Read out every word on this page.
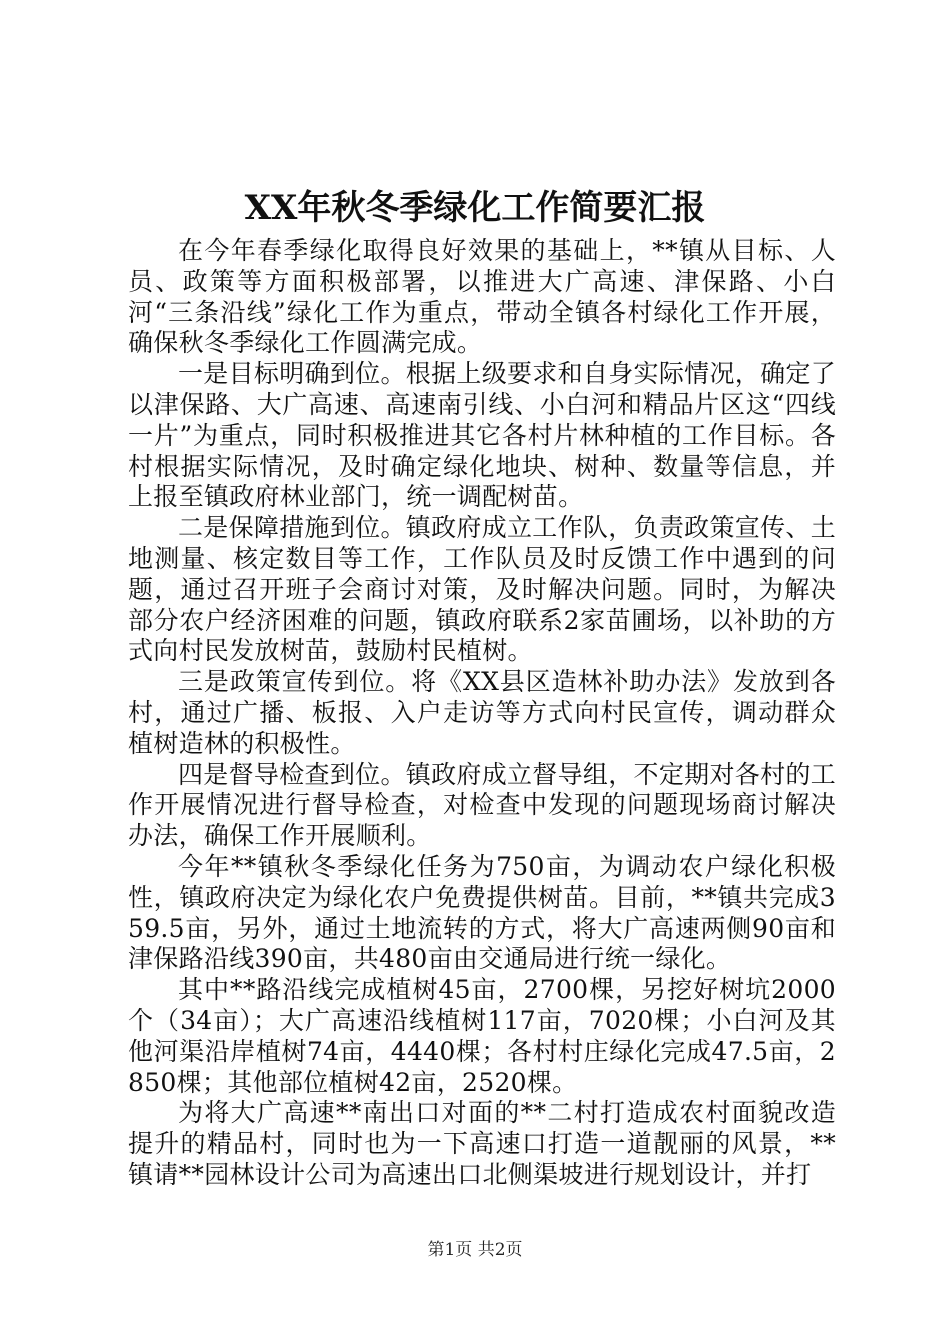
XX年秋冬季绿化工作简要汇报

在今年春季绿化取得良好效果的基础上，**镇从目标、人员、政策等方面积极部署，以推进大广高速、津保路、小白河“三条沿线”绿化工作为重点，带动全镇各村绿化工作开展，确保秋冬季绿化工作圆满完成。

一是目标明确到位。根据上级要求和自身实际情况，确定了以津保路、大广高速、高速南引线、小白河和精品片区这“四线一片”为重点，同时积极推进其它各村片林种植的工作目标。各村根据实际情况，及时确定绿化地块、树种、数量等信息，并上报至镇政府林业部门，统一调配树苗。

二是保障措施到位。镇政府成立工作队，负责政策宣传、土地测量、核定数目等工作，工作队员及时反馈工作中遇到的问题，通过召开班子会商讨对策，及时解决问题。同时，为解决部分农户经济困难的问题，镇政府联系2家苗圃场，以补助的方式向村民发放树苗，鼓励村民植树。

三是政策宣传到位。将《XX县区造林补助办法》发放到各村，通过广播、板报、入户走访等方式向村民宣传，调动群众植树造林的积极性。

四是督导检查到位。镇政府成立督导组，不定期对各村的工作开展情况进行督导检查，对检查中发现的问题现场商讨解决办法，确保工作开展顺利。

今年**镇秋冬季绿化任务为750亩，为调动农户绿化积极性，镇政府决定为绿化农户免费提供树苗。目前，**镇共完成359.5亩，另外，通过土地流转的方式，将大广高速两侧90亩和津保路沿线390亩，共480亩由交通局进行统一绿化。

其中**路沿线完成植树45亩，2700棵，另挖好树坑2000个（34亩）；大广高速沿线植树117亩，7020棵；小白河及其他河渠沿岸植树74亩，4440棵；各村村庄绿化完成47.5亩，2850棵；其他部位植树42亩，2520棵。

为将大广高速**南出口对面的**二村打造成农村面貌改造提升的精品村，同时也为一下高速口打造一道靓丽的风景，**镇请**园林设计公司为高速出口北侧渠坡进行规划设计，并打

第1页 共2页
